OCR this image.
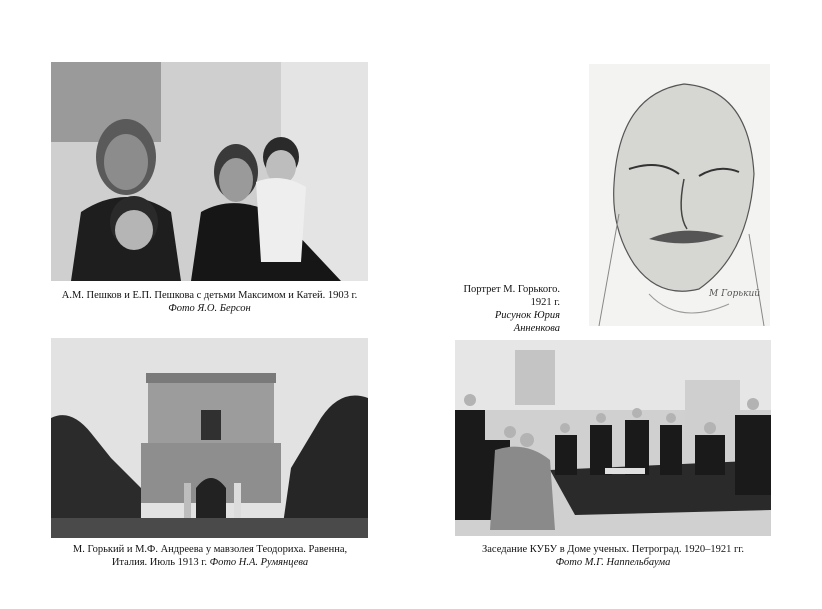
А.М. Пешков и Е.П. Пешкова с детьми Максимом и Катей. 1903 г.
Фото Я.О. Берсон
М Горький
Портрет М. Горького.
1921 г.
Рисунок Юрия
Анненкова
М. Горький и М.Ф. Андреева у мавзолея Теодориха. Равенна,
Италия. Июль 1913 г. Фото Н.А. Румянцева
Заседание КУБУ в Доме ученых. Петроград. 1920–1921 гг.
Фото М.Г. Наппельбаума
